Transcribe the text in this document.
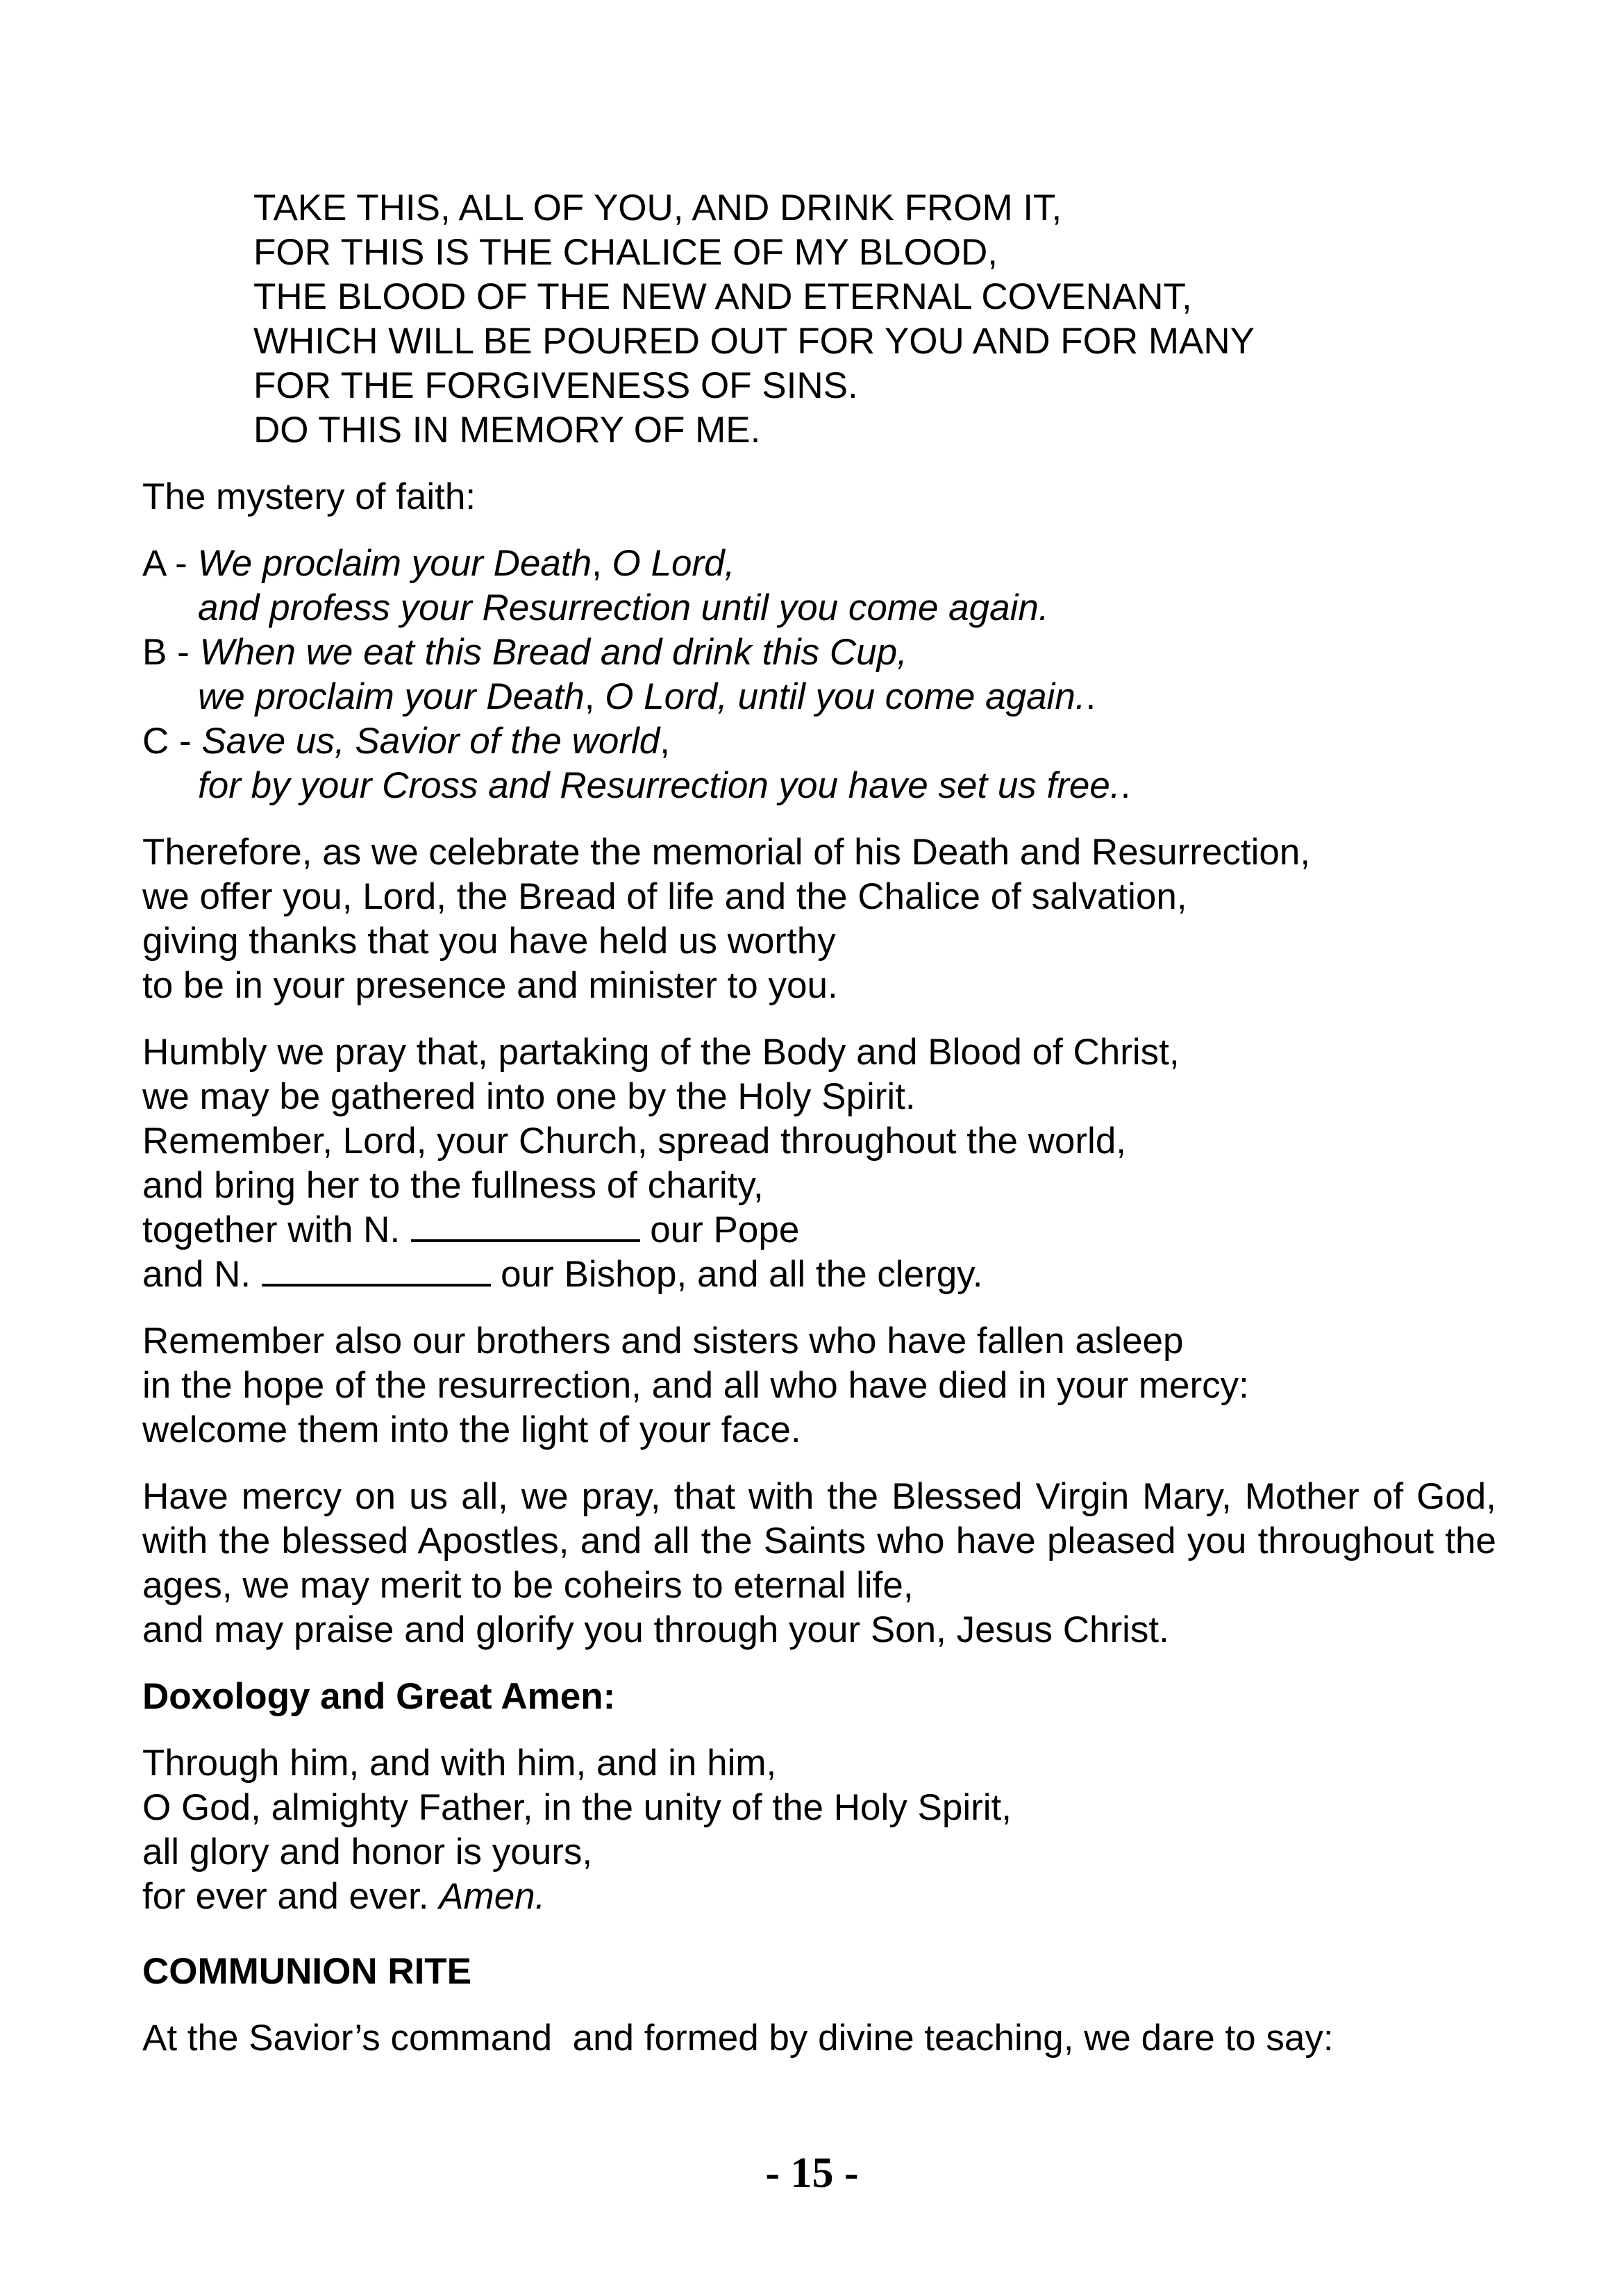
TAKE THIS, ALL OF YOU, AND DRINK FROM IT,
FOR THIS IS THE CHALICE OF MY BLOOD,
THE BLOOD OF THE NEW AND ETERNAL COVENANT,
WHICH WILL BE POURED OUT FOR YOU AND FOR MANY
FOR THE FORGIVENESS OF SINS.
DO THIS IN MEMORY OF ME.
The mystery of faith:
A - We proclaim your Death, O Lord,
and profess your Resurrection until you come again.
B - When we eat this Bread and drink this Cup,
we proclaim your Death, O Lord, until you come again..
C - Save us, Savior of the world,
for by your Cross and Resurrection you have set us free..
Therefore, as we celebrate the memorial of his Death and Resurrection,
we offer you, Lord, the Bread of life and the Chalice of salvation,
giving thanks that you have held us worthy
to be in your presence and minister to you.
Humbly we pray that, partaking of the Body and Blood of Christ,
we may be gathered into one by the Holy Spirit.
Remember, Lord, your Church, spread throughout the world,
and bring her to the fullness of charity,
together with N.	our Pope
and N.	our Bishop, and all the clergy.
Remember also our brothers and sisters who have fallen asleep
in the hope of the resurrection, and all who have died in your mercy:
welcome them into the light of your face.
Have mercy on us all, we pray, that with the Blessed Virgin Mary, Mother of God, with the blessed Apostles, and all the Saints who have pleased you throughout the ages, we may merit to be coheirs to eternal life,
and may praise and glorify you through your Son, Jesus Christ.
Doxology and Great Amen:
Through him, and with him, and in him,
O God, almighty Father, in the unity of the Holy Spirit,
all glory and honor is yours,
for ever and ever. Amen.
COMMUNION RITE
At the Savior’s command  and formed by divine teaching, we dare to say:
- 15 -
